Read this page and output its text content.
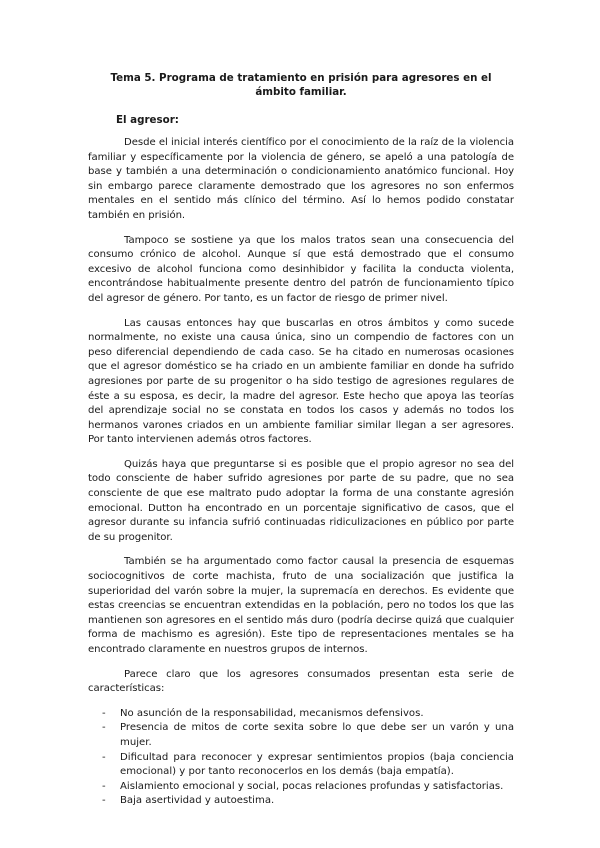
Tema 5. Programa de tratamiento en prisión para agresores en el ámbito familiar.
El agresor:

Desde el inicial interés científico por el conocimiento de la raíz de la violencia familiar y específicamente por la violencia de género, se apeló a una patología de base y también a una determinación o condicionamiento anatómico funcional. Hoy sin embargo parece claramente demostrado que los agresores no son enfermos mentales en el sentido más clínico del término. Así lo hemos podido constatar también en prisión.

Tampoco se sostiene ya que los malos tratos sean una consecuencia del consumo crónico de alcohol. Aunque sí que está demostrado que el consumo excesivo de alcohol funciona como desinhibidor y facilita la conducta violenta, encontrándose habitualmente presente dentro del patrón de funcionamiento típico del agresor de género. Por tanto, es un factor de riesgo de primer nivel.

Las causas entonces hay que buscarlas en otros ámbitos y como sucede normalmente, no existe una causa única, sino un compendio de factores con un peso diferencial dependiendo de cada caso. Se ha citado en numerosas ocasiones que el agresor doméstico se ha criado en un ambiente familiar en donde ha sufrido agresiones por parte de su progenitor o ha sido testigo de agresiones regulares de éste a su esposa, es decir, la madre del agresor. Este hecho que apoya las teorías del aprendizaje social no se constata en todos los casos y además no todos los hermanos varones criados en un ambiente familiar similar llegan a ser agresores. Por tanto intervienen además otros factores.

Quizás haya que preguntarse si es posible que el propio agresor no sea del todo consciente de haber sufrido agresiones por parte de su padre, que no sea consciente de que ese maltrato pudo adoptar la forma de una constante agresión emocional. Dutton ha encontrado en un porcentaje significativo de casos, que el agresor durante su infancia sufrió continuadas ridiculizaciones en público por parte de su progenitor.

También se ha argumentado como factor causal la presencia de esquemas sociocognitivos de corte machista, fruto de una socialización que justifica la superioridad del varón sobre la mujer, la supremacía en derechos. Es evidente que estas creencias se encuentran extendidas en la población, pero no todos los que las mantienen son agresores en el sentido más duro (podría decirse quizá que cualquier forma de machismo es agresión). Este tipo de representaciones mentales se ha encontrado claramente en nuestros grupos de internos.

Parece claro que los agresores consumados presentan esta serie de características:

- No asunción de la responsabilidad, mecanismos defensivos.
- Presencia de mitos de corte sexita sobre lo que debe ser un varón y una mujer.
- Dificultad para reconocer y expresar sentimientos propios (baja conciencia emocional) y por tanto reconocerlos en los demás (baja empatía).
- Aislamiento emocional y social, pocas relaciones profundas y satisfactorias.
- Baja asertividad y autoestima.
